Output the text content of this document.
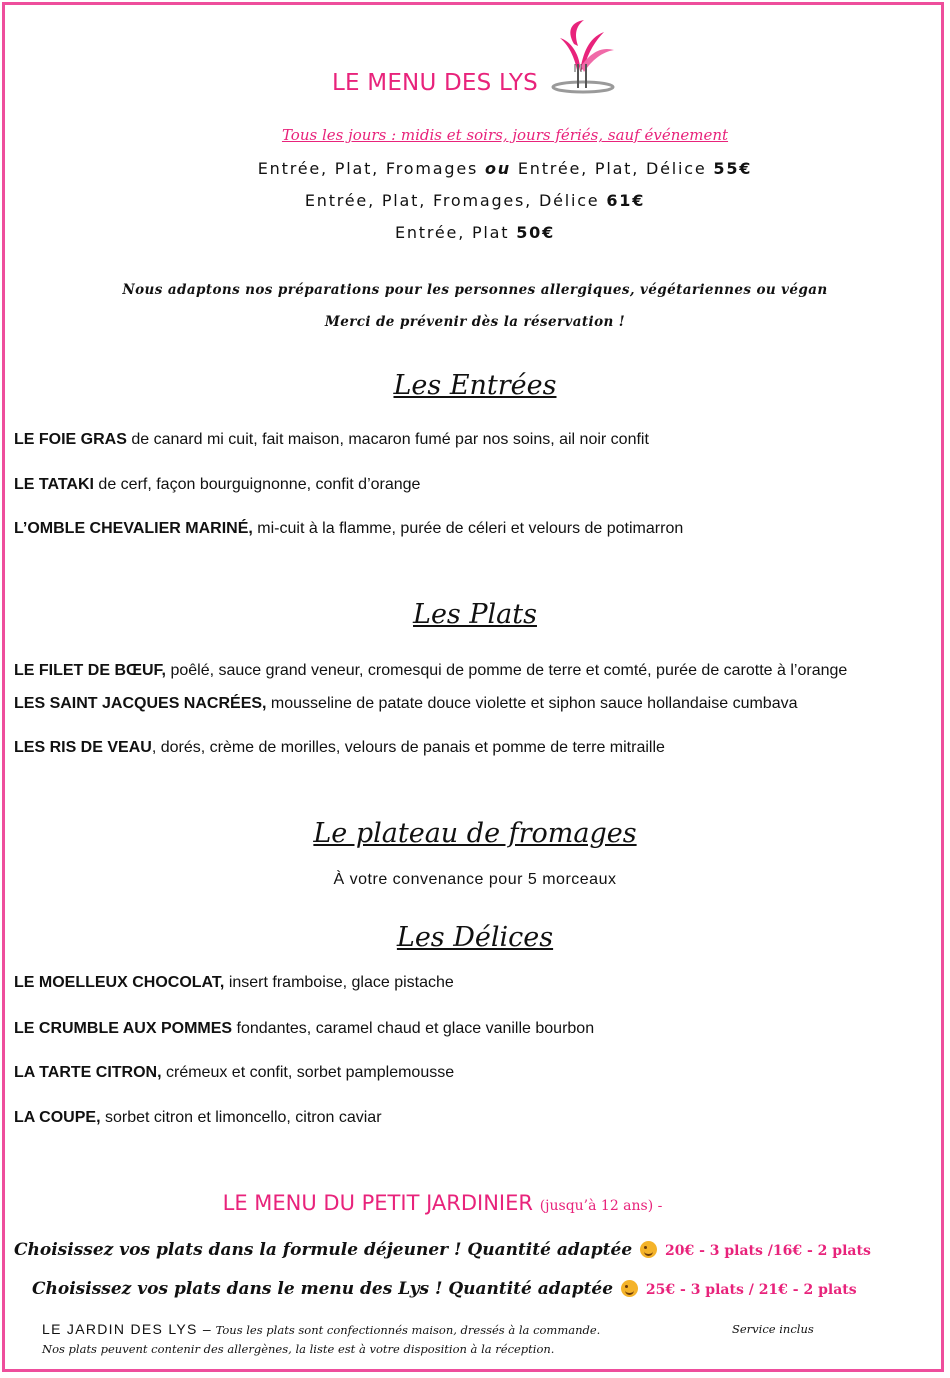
LE MENU DES LYS
Tous les jours : midis et soirs, jours fériés, sauf événement
Entrée, Plat, Fromages ou Entrée, Plat, Délice 55€
Entrée, Plat, Fromages, Délice 61€
Entrée, Plat 50€
Nous adaptons nos préparations pour les personnes allergiques, végétariennes ou végan
Merci de prévenir dès la réservation !
Les Entrées
LE FOIE GRAS de canard mi cuit, fait maison, macaron fumé par nos soins, ail noir confit
LE TATAKI de cerf, façon bourguignonne, confit d’orange
L’OMBLE CHEVALIER MARINÉ, mi-cuit à la flamme, purée de céleri et velours de potimarron
Les Plats
LE FILET DE BŒUF, poêlé, sauce grand veneur, cromesqui de pomme de terre et comté, purée de carotte à l’orange
LES SAINT JACQUES NACRÉES, mousseline de patate douce violette et siphon sauce hollandaise cumbava
LES RIS DE VEAU, dorés, crème de morilles, velours de panais et pomme de terre mitraille
Le plateau de fromages
À votre convenance pour 5 morceaux
Les Délices
LE MOELLEUX CHOCOLAT, insert framboise, glace pistache
LE CRUMBLE AUX POMMES fondantes, caramel chaud et glace vanille bourbon
LA TARTE CITRON, crémeux et confit, sorbet pamplemousse
LA COUPE, sorbet citron et limoncello, citron caviar
LE MENU DU PETIT JARDINIER (jusqu’à 12 ans) -
Choisissez vos plats dans la formule déjeuner ! Quantité adaptée  20€ - 3 plats /16€ - 2 plats
Choisissez vos plats dans le menu des Lys ! Quantité adaptée  25€ - 3 plats / 21€ - 2 plats
LE JARDIN DES LYS – Tous les plats sont confectionnés maison, dressés à la commande.	Service inclus
Nos plats peuvent contenir des allergènes, la liste est à votre disposition à la réception.
